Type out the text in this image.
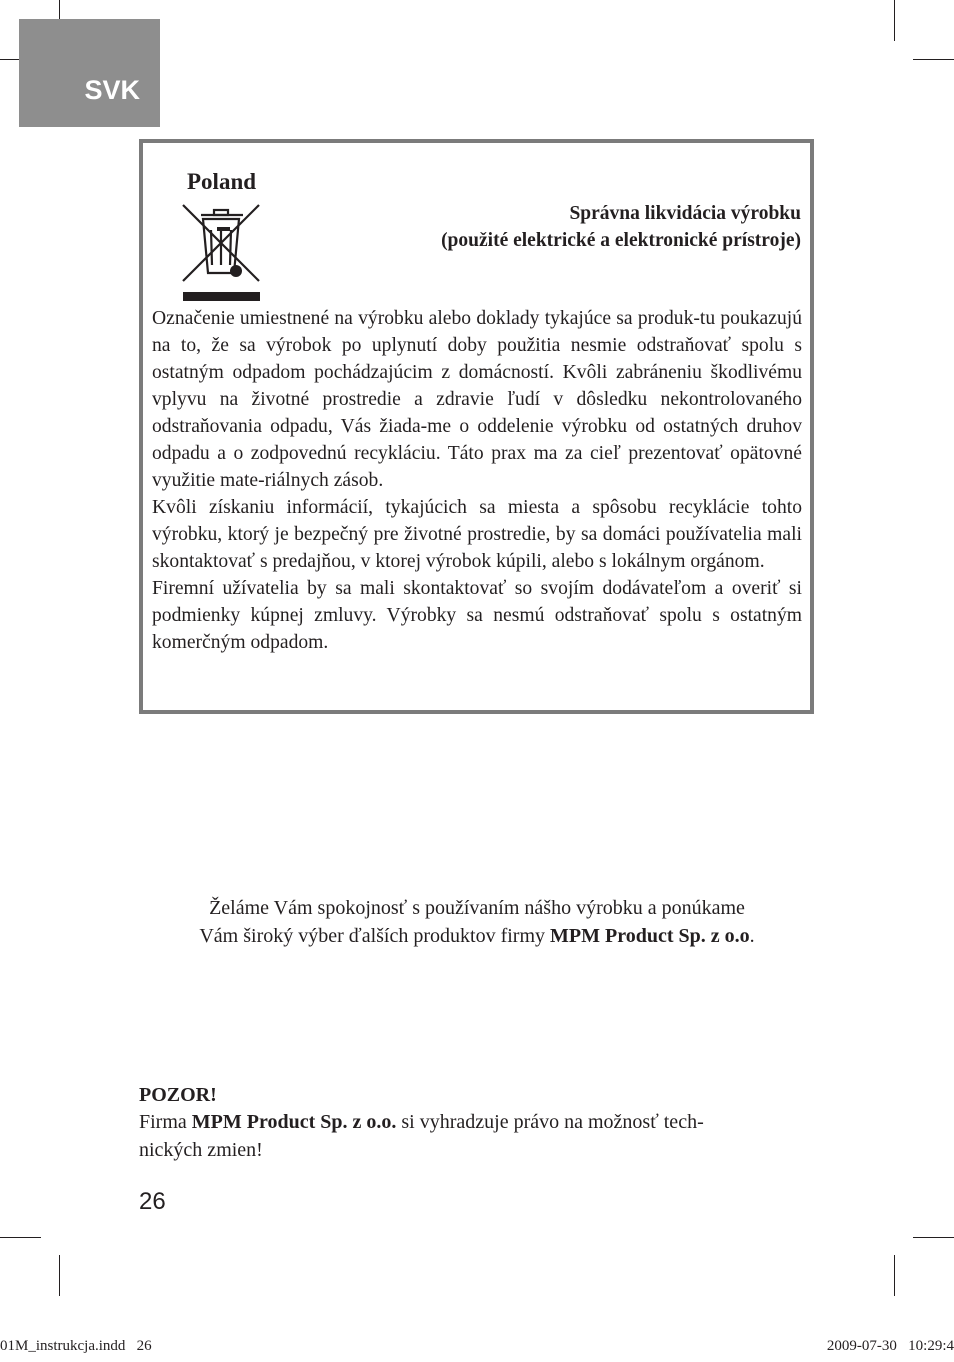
SVK
Poland
Správna likvidácia výrobku
(použité elektrické a elektronické prístroje)

Označenie umiestnené na výrobku alebo doklady tykajúce sa produk-tu poukazujú na to, že sa výrobok po uplynutí doby použitia nesmie odstraňovať spolu s ostatným odpadom pochádzajúcim z domácností. Kvôli zabráneniu škodlivému vplyvu na životné prostredie a zdravie ľudí v dôsledku nekontrolovaného odstraňovania odpadu, Vás žiada-me o oddelenie výrobku od ostatných druhov odpadu a o zodpovednú recykláciu. Táto prax ma za cieľ prezentovať opätovné využitie mate-riálnych zásob.

Kvôli získaniu informácií, tykajúcich sa miesta a spôsobu recyklácie tohto výrobku, ktorý je bezpečný pre životné prostredie, by sa domáci používatelia mali skontaktovať s predajňou, v ktorej výrobok kúpili, alebo s lokálnym orgánom.

Firemní užívatelia by sa mali skontaktovať so svojím dodávateľom a overiť si podmienky kúpnej zmluvy. Výrobky sa nesmú odstraňovať spolu s ostatným komerčným odpadom.

Želáme Vám spokojnosť s používaním nášho výrobku a ponúkame
Vám široký výber ďalších produktov firmy MPM Product Sp. z o.o.
POZOR!
Firma MPM Product Sp. z o.o. si vyhradzuje právo na možnosť tech-
nických zmien!
26
01M_instrukcja.indd   26	2009-07-30   10:29:4
